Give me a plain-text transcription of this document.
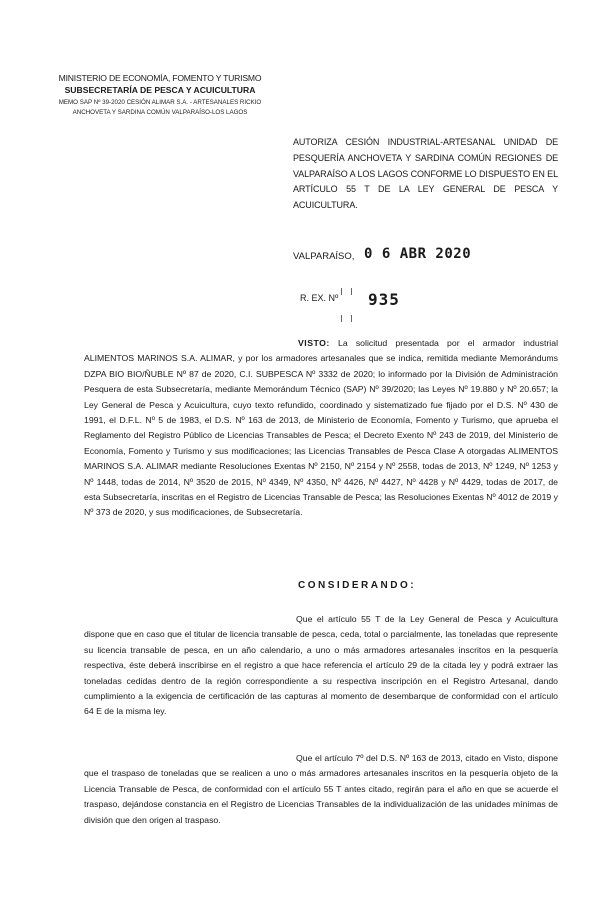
MINISTERIO DE ECONOMÍA, FOMENTO Y TURISMO
SUBSECRETARÍA DE PESCA Y ACUICULTURA
MEMO SAP Nº 39-2020 CESIÓN ALIMAR S.A. - ARTESANALES RICKIO
ANCHOVETA Y SARDINA COMÚN VALPARAÍSO-LOS LAGOS
AUTORIZA CESIÓN INDUSTRIAL-ARTESANAL UNIDAD DE PESQUERÍA ANCHOVETA Y SARDINA COMÚN REGIONES DE VALPARAÍSO A LOS LAGOS CONFORME LO DISPUESTO EN EL ARTÍCULO 55 T DE LA LEY GENERAL DE PESCA Y ACUICULTURA.
VALPARAÍSO, 0 6 ABR 2020
R. EX. Nº 935
VISTO: La solicitud presentada por el armador industrial ALIMENTOS MARINOS S.A. ALIMAR, y por los armadores artesanales que se indica, remitida mediante Memorándums DZPA BIO BIO/ÑUBLE Nº 87 de 2020, C.I. SUBPESCA Nº 3332 de 2020; lo informado por la División de Administración Pesquera de esta Subsecretaría, mediante Memorándum Técnico (SAP) Nº 39/2020; las Leyes Nº 19.880 y Nº 20.657; la Ley General de Pesca y Acuicultura, cuyo texto refundido, coordinado y sistematizado fue fijado por el D.S. Nº 430 de 1991, el D.F.L. Nº 5 de 1983, el D.S. Nº 163 de 2013, de Ministerio de Economía, Fomento y Turismo, que aprueba el Reglamento del Registro Público de Licencias Transables de Pesca; el Decreto Exento Nº 243 de 2019, del Ministerio de Economía, Fomento y Turismo y sus modificaciones; las Licencias Transables de Pesca Clase A otorgadas ALIMENTOS MARINOS S.A. ALIMAR mediante Resoluciones Exentas Nº 2150, Nº 2154 y Nº 2558, todas de 2013, Nº 1249, Nº 1253 y Nº 1448, todas de 2014, Nº 3520 de 2015, Nº 4349, Nº 4350, Nº 4426, Nº 4427, Nº 4428 y Nº 4429, todas de 2017, de esta Subsecretaría, inscritas en el Registro de Licencias Transable de Pesca; las Resoluciones Exentas Nº 4012 de 2019 y Nº 373 de 2020, y sus modificaciones, de Subsecretaría.
CONSIDERANDO:
Que el artículo 55 T de la Ley General de Pesca y Acuicultura dispone que en caso que el titular de licencia transable de pesca, ceda, total o parcialmente, las toneladas que represente su licencia transable de pesca, en un año calendario, a uno o más armadores artesanales inscritos en la pesquería respectiva, éste deberá inscribirse en el registro a que hace referencia el artículo 29 de la citada ley y podrá extraer las toneladas cedidas dentro de la región correspondiente a su respectiva inscripción en el Registro Artesanal, dando cumplimiento a la exigencia de certificación de las capturas al momento de desembarque de conformidad con el artículo 64 E de la misma ley.
Que el artículo 7º del D.S. Nº 163 de 2013, citado en Visto, dispone que el traspaso de toneladas que se realicen a uno o más armadores artesanales inscritos en la pesquería objeto de la Licencia Transable de Pesca, de conformidad con el artículo 55 T antes citado, regirán para el año en que se acuerde el traspaso, dejándose constancia en el Registro de Licencias Transables de la individualización de las unidades mínimas de división que den origen al traspaso.
